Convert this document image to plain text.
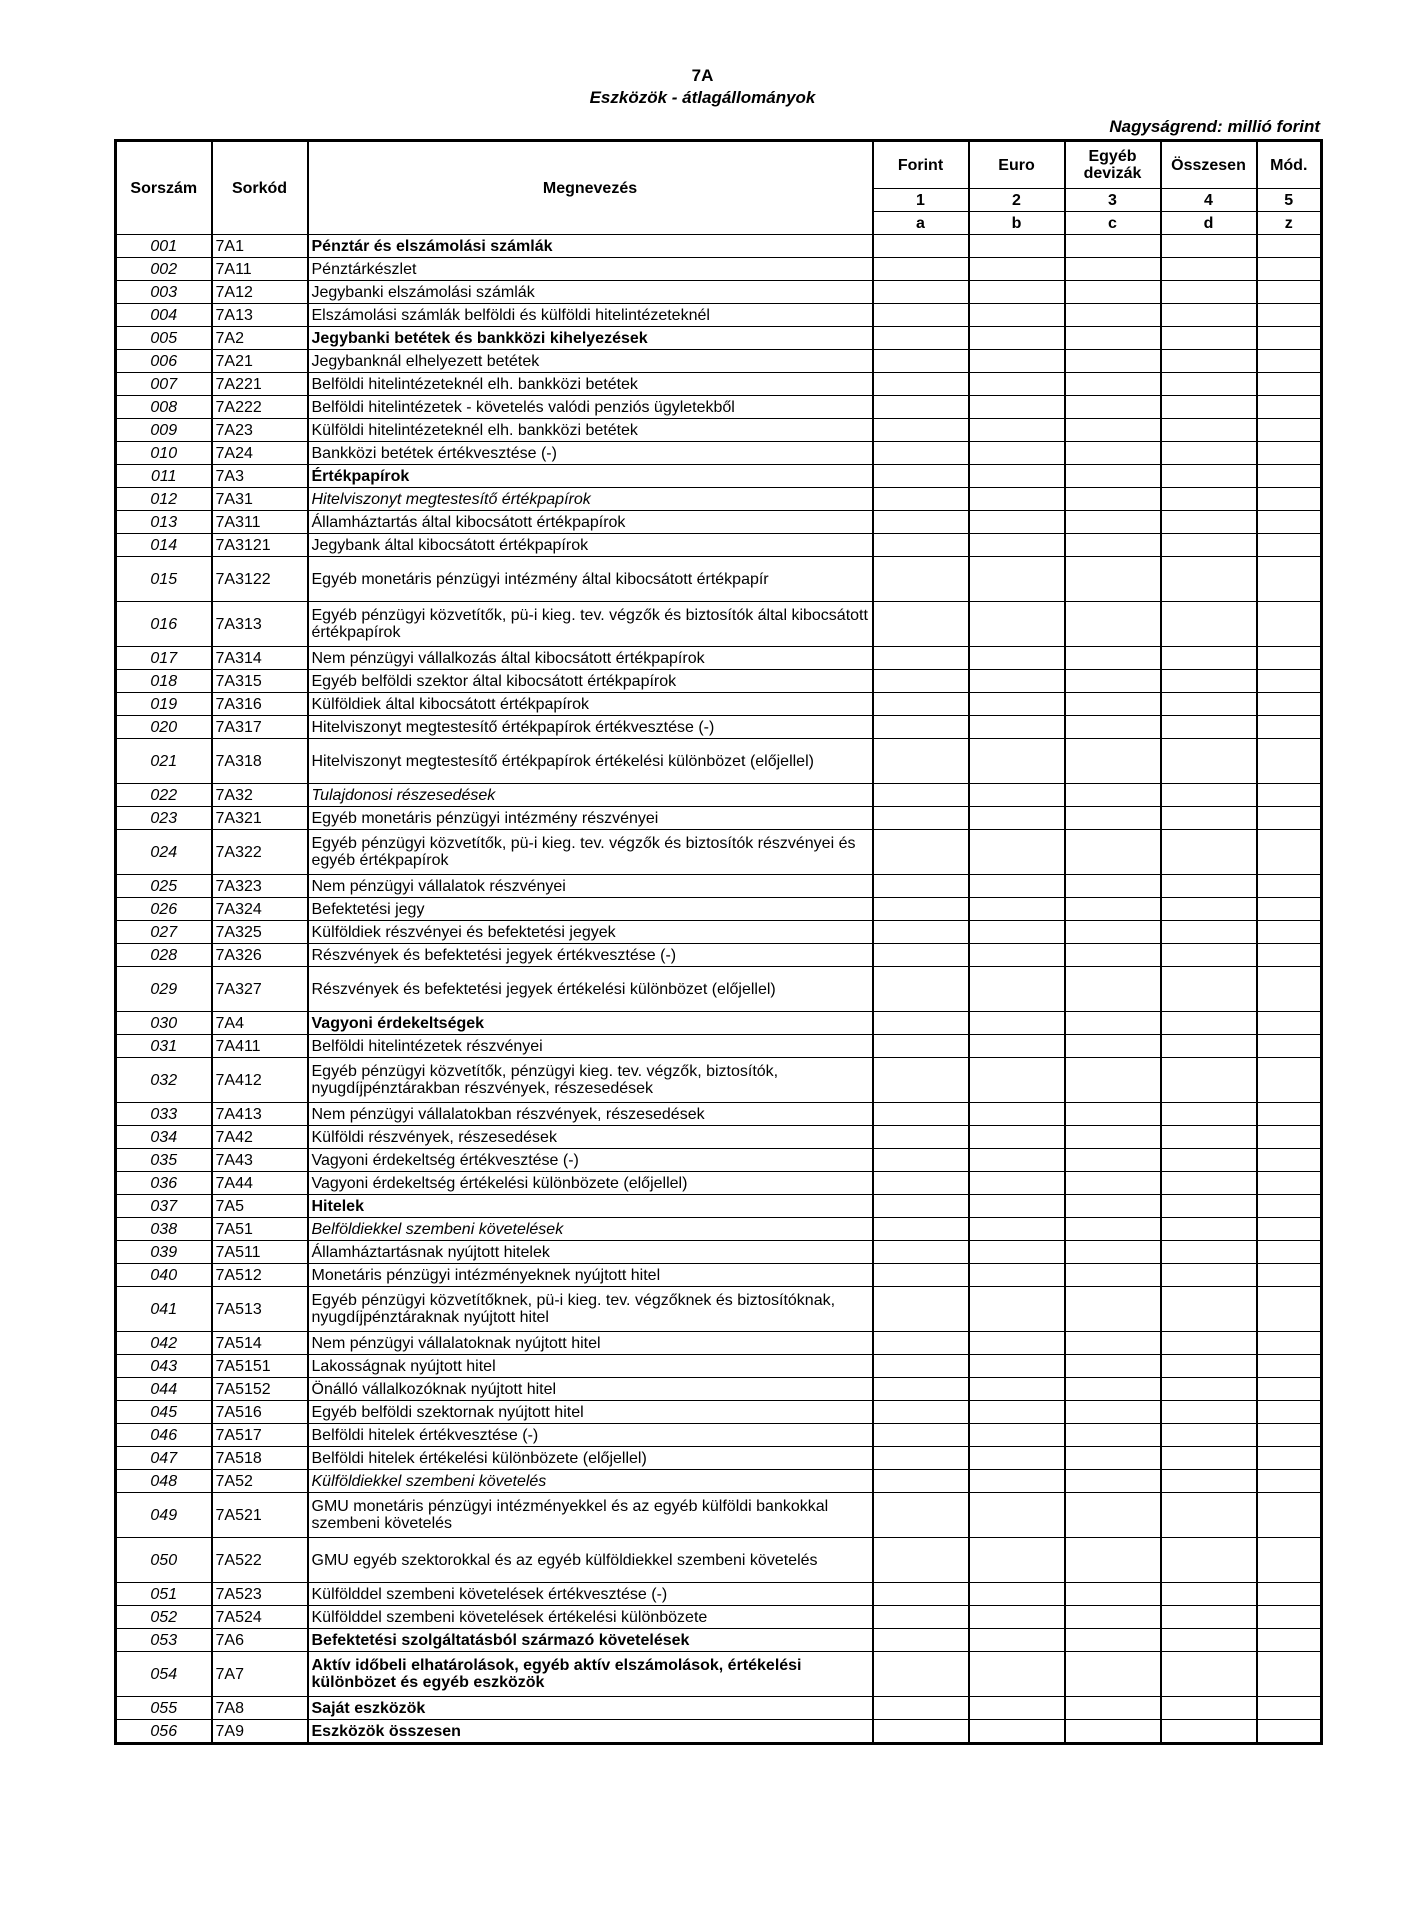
7A
Eszközök - átlagállományok
Nagyságrend: millió forint
Sorszám	Sorkód	Megnevezés	Forint	Euro	Egyéb devizák	Összesen	Mód.
			1	2	3	4	5
			a	b	c	d	z
001	7A1	Pénztár és elszámolási számlák					
002	7A11	Pénztárkészlet					
003	7A12	Jegybanki elszámolási számlák					
004	7A13	Elszámolási számlák belföldi és külföldi hitelintézeteknél					
005	7A2	Jegybanki betétek és bankközi kihelyezések					
006	7A21	Jegybanknál elhelyezett betétek					
007	7A221	Belföldi hitelintézeteknél elh. bankközi betétek					
008	7A222	Belföldi hitelintézetek - követelés valódi penziós ügyletekből					
009	7A23	Külföldi hitelintézeteknél elh. bankközi betétek					
010	7A24	Bankközi betétek értékvesztése (-)					
011	7A3	Értékpapírok					
012	7A31	Hitelviszonyt megtestesítő értékpapírok					
013	7A311	Államháztartás által kibocsátott értékpapírok					
014	7A3121	Jegybank által kibocsátott értékpapírok					
015	7A3122	Egyéb monetáris pénzügyi intézmény által kibocsátott értékpapír					
016	7A313	Egyéb pénzügyi közvetítők, pü-i kieg. tev. végzők és biztosítók által kibocsátott értékpapírok					
017	7A314	Nem pénzügyi vállalkozás által kibocsátott értékpapírok					
018	7A315	Egyéb belföldi szektor által kibocsátott értékpapírok					
019	7A316	Külföldiek által kibocsátott értékpapírok					
020	7A317	Hitelviszonyt megtestesítő értékpapírok értékvesztése (-)					
021	7A318	Hitelviszonyt megtestesítő értékpapírok értékelési különbözet (előjellel)					
022	7A32	Tulajdonosi részesedések					
023	7A321	Egyéb monetáris pénzügyi intézmény részvényei					
024	7A322	Egyéb pénzügyi közvetítők, pü-i kieg. tev. végzők és biztosítók részvényei és egyéb értékpapírok					
025	7A323	Nem pénzügyi vállalatok részvényei					
026	7A324	Befektetési jegy					
027	7A325	Külföldiek részvényei és befektetési jegyek					
028	7A326	Részvények és befektetési jegyek értékvesztése (-)					
029	7A327	Részvények és befektetési jegyek értékelési különbözet (előjellel)					
030	7A4	Vagyoni érdekeltségek					
031	7A411	Belföldi hitelintézetek részvényei					
032	7A412	Egyéb pénzügyi közvetítők, pénzügyi kieg. tev. végzők, biztosítók, nyugdíjpénztárakban részvények, részesedések					
033	7A413	Nem pénzügyi vállalatokban részvények, részesedések					
034	7A42	Külföldi részvények, részesedések					
035	7A43	Vagyoni érdekeltség értékvesztése (-)					
036	7A44	Vagyoni érdekeltség értékelési különbözete (előjellel)					
037	7A5	Hitelek					
038	7A51	Belföldiekkel szembeni követelések					
039	7A511	Államháztartásnak nyújtott hitelek					
040	7A512	Monetáris pénzügyi intézményeknek nyújtott hitel					
041	7A513	Egyéb pénzügyi közvetítőknek, pü-i kieg. tev. végzőknek és biztosítóknak, nyugdíjpénztáraknak nyújtott hitel					
042	7A514	Nem pénzügyi vállalatoknak nyújtott hitel					
043	7A5151	Lakosságnak nyújtott hitel					
044	7A5152	Önálló vállalkozóknak nyújtott hitel					
045	7A516	Egyéb belföldi szektornak nyújtott hitel					
046	7A517	Belföldi hitelek értékvesztése (-)					
047	7A518	Belföldi hitelek értékelési különbözete (előjellel)					
048	7A52	Külföldiekkel szembeni követelés					
049	7A521	GMU monetáris pénzügyi intézményekkel és az egyéb külföldi bankokkal szembeni követelés					
050	7A522	GMU egyéb szektorokkal és az egyéb külföldiekkel szembeni követelés					
051	7A523	Külfölddel szembeni követelések értékvesztése (-)					
052	7A524	Külfölddel szembeni követelések értékelési különbözete					
053	7A6	Befektetési szolgáltatásból származó követelések					
054	7A7	Aktív időbeli elhatárolások, egyéb aktív elszámolások, értékelési különbözet és egyéb eszközök					
055	7A8	Saját eszközök					
056	7A9	Eszközök összesen					
